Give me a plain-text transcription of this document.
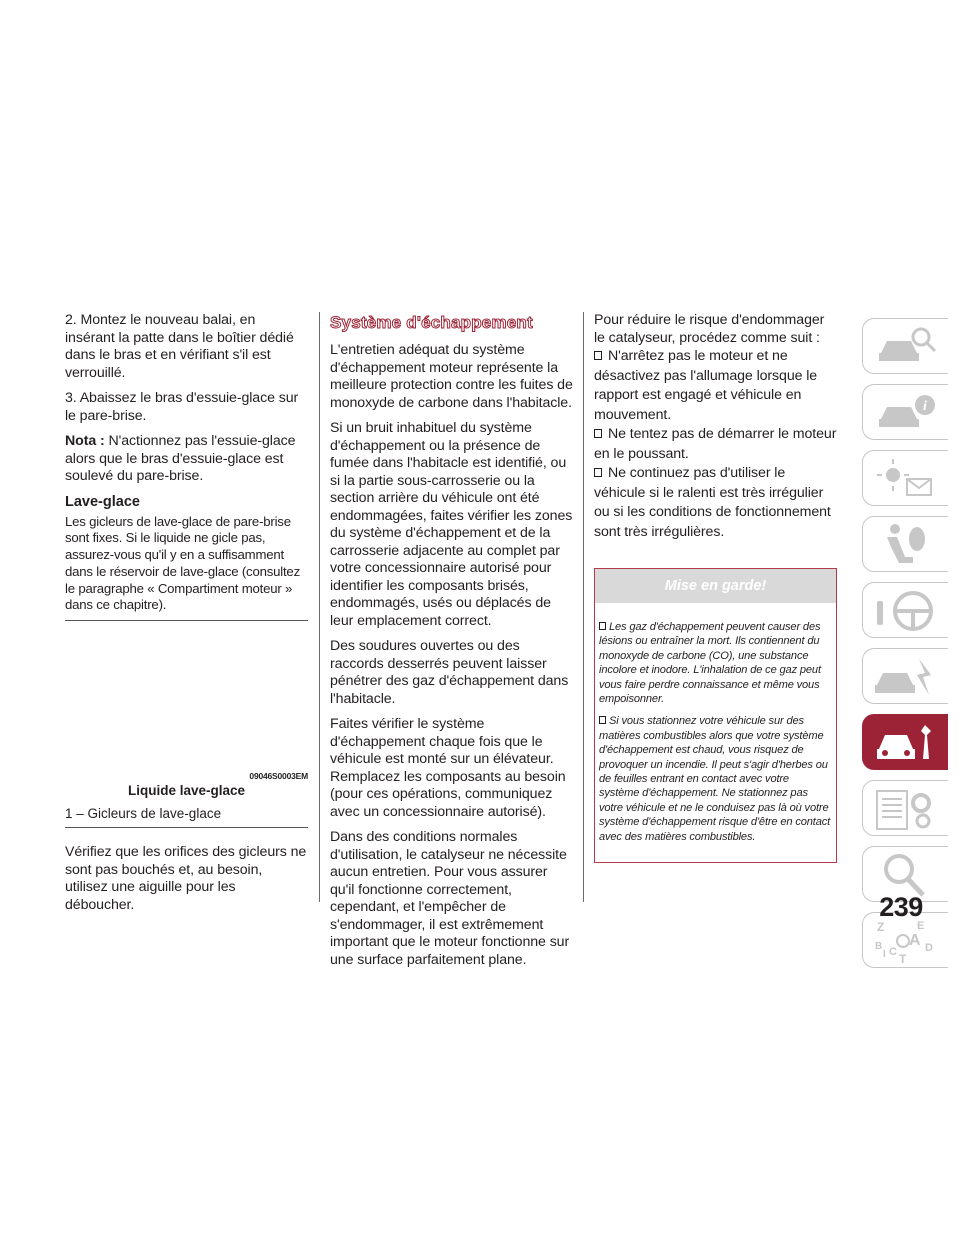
2. Montez le nouveau balai, en insérant la patte dans le boîtier dédié dans le bras et en vérifiant s'il est verrouillé.

3. Abaissez le bras d'essuie-glace sur le pare-brise.

Nota : N'actionnez pas l'essuie-glace alors que le bras d'essuie-glace est soulevé du pare-brise.

Lave-glace

Les gicleurs de lave-glace de pare-brise sont fixes. Si le liquide ne gicle pas, assurez-vous qu'il y en a suffisamment dans le réservoir de lave-glace (consultez le paragraphe « Compartiment moteur » dans ce chapitre).

09046S0003EM
Liquide lave-glace
1 – Gicleurs de lave-glace

Vérifiez que les orifices des gicleurs ne sont pas bouchés et, au besoin, utilisez une aiguille pour les déboucher.

Système d'échappement

L'entretien adéquat du système d'échappement moteur représente la meilleure protection contre les fuites de monoxyde de carbone dans l'habitacle.

Si un bruit inhabituel du système d'échappement ou la présence de fumée dans l'habitacle est identifié, ou si la partie sous-carrosserie ou la section arrière du véhicule ont été endommagées, faites vérifier les zones du système d'échappement et de la carrosserie adjacente au complet par votre concessionnaire autorisé pour identifier les composants brisés, endommagés, usés ou déplacés de leur emplacement correct.

Des soudures ouvertes ou des raccords desserrés peuvent laisser pénétrer des gaz d'échappement dans l'habitacle.

Faites vérifier le système d'échappement chaque fois que le véhicule est monté sur un élévateur. Remplacez les composants au besoin (pour ces opérations, communiquez avec un concessionnaire autorisé).

Dans des conditions normales d'utilisation, le catalyseur ne nécessite aucun entretien. Pour vous assurer qu'il fonctionne correctement, cependant, et l'empêcher de s'endommager, il est extrêmement important que le moteur fonctionne sur une surface parfaitement plane.

Pour réduire le risque d'endommager le catalyseur, procédez comme suit :

N'arrêtez pas le moteur et ne désactivez pas l'allumage lorsque le rapport est engagé et véhicule en mouvement.
Ne tentez pas de démarrer le moteur en le poussant.
Ne continuez pas d'utiliser le véhicule si le ralenti est très irrégulier ou si les conditions de fonctionnement sont très irrégulières.
Mise en garde!
Les gaz d'échappement peuvent causer des lésions ou entraîner la mort. Ils contiennent du monoxyde de carbone (CO), une substance incolore et inodore. L'inhalation de ce gaz peut vous faire perdre connaissance et même vous empoisonner.
Si vous stationnez votre véhicule sur des matières combustibles alors que votre système d'échappement est chaud, vous risquez de provoquer un incendie. Il peut s'agir d'herbes ou de feuilles entrant en contact avec votre système d'échappement. Ne stationnez pas votre véhicule et ne le conduisez pas là où votre système d'échappement risque d'être en contact avec des matières combustibles.
i
Z	E
A
B C	D
I T
239
